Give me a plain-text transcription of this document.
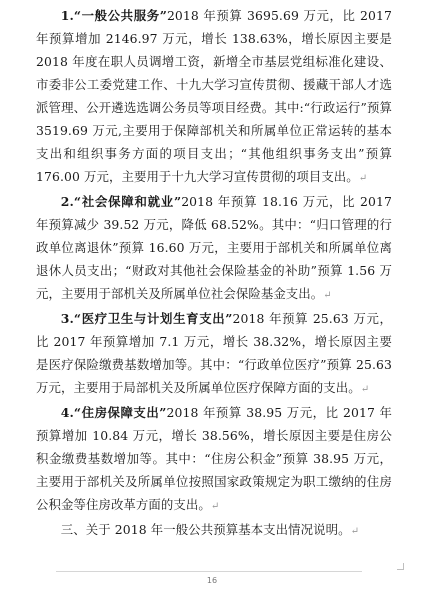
1.“一般公共服务”2018 年预算 3695.69 万元，比 2017 年预算增加 2146.97 万元，增长 138.63%，增长原因主要是 2018 年度在职人员调增工资，新增全市基层党组标准化建设、市委非公工委党建工作、十九大学习宣传贯彻、援藏干部人才选派管理、公开遴选选调公务员等项目经费。其中:“行政运行”预算 3519.69 万元,主要用于保障部机关和所属单位正常运转的基本支出和组织事务方面的项目支出；“其他组织事务支出”预算 176.00 万元，主要用于十九大学习宣传贯彻的项目支出。↵

2.“社会保障和就业”2018 年预算 18.16 万元，比 2017 年预算减少 39.52 万元，降低 68.52%。其中：“归口管理的行政单位离退休”预算 16.60 万元，主要用于部机关和所属单位离退休人员支出；“财政对其他社会保险基金的补助”预算 1.56 万元，主要用于部机关及所属单位社会保险基金支出。↵

3.“医疗卫生与计划生育支出”2018 年预算 25.63 万元，比 2017 年预算增加 7.1 万元，增长 38.32%，增长原因主要是医疗保险缴费基数增加等。其中：“行政单位医疗”预算 25.63 万元，主要用于局部机关及所属单位医疗保障方面的支出。↵

4.“住房保障支出”2018 年预算 38.95 万元，比 2017 年预算增加 10.84 万元，增长 38.56%，增长原因主要是住房公积金缴费基数增加等。其中：“住房公积金”预算 38.95 万元，主要用于部机关及所属单位按照国家政策规定为职工缴纳的住房公积金等住房改革方面的支出。↵

三、关于 2018 年一般公共预算基本支出情况说明。↵

16
